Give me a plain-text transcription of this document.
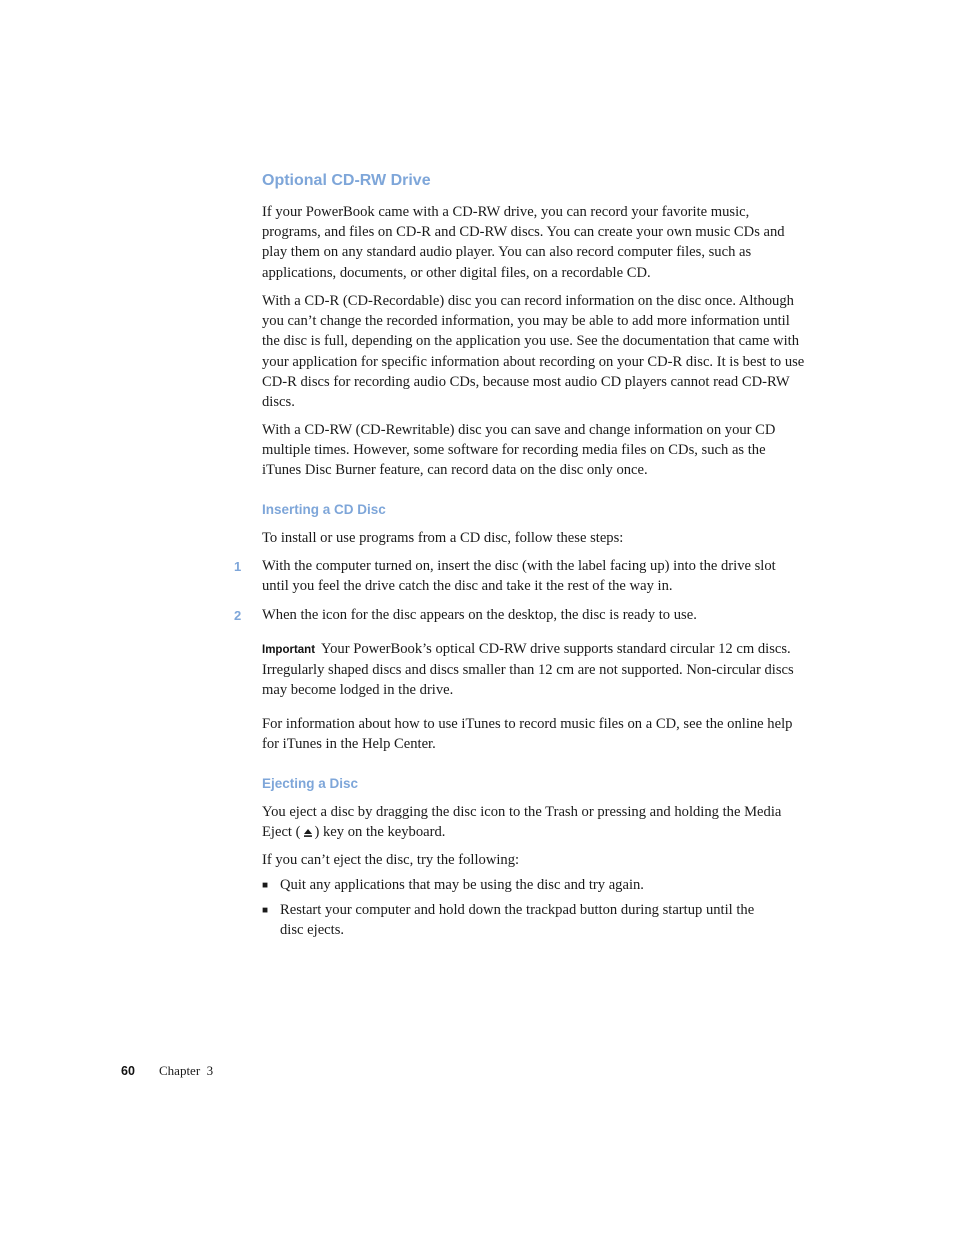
Optional CD-RW Drive
If your PowerBook came with a CD-RW drive, you can record your favorite music, programs, and files on CD-R and CD-RW discs. You can create your own music CDs and play them on any standard audio player. You can also record computer files, such as applications, documents, or other digital files, on a recordable CD.
With a CD-R (CD-Recordable) disc you can record information on the disc once. Although you can’t change the recorded information, you may be able to add more information until the disc is full, depending on the application you use. See the documentation that came with your application for specific information about recording on your CD-R disc. It is best to use CD-R discs for recording audio CDs, because most audio CD players cannot read CD-RW discs.
With a CD-RW (CD-Rewritable) disc you can save and change information on your CD multiple times. However, some software for recording media files on CDs, such as the iTunes Disc Burner feature, can record data on the disc only once.
Inserting a CD Disc
To install or use programs from a CD disc, follow these steps:
1 With the computer turned on, insert the disc (with the label facing up) into the drive slot until you feel the drive catch the disc and take it the rest of the way in.
2 When the icon for the disc appears on the desktop, the disc is ready to use.
Important Your PowerBook’s optical CD-RW drive supports standard circular 12 cm discs. Irregularly shaped discs and discs smaller than 12 cm are not supported. Non-circular discs may become lodged in the drive.
For information about how to use iTunes to record music files on a CD, see the online help for iTunes in the Help Center.
Ejecting a Disc
You eject a disc by dragging the disc icon to the Trash or pressing and holding the Media Eject ( ) key on the keyboard.
If you can’t eject the disc, try the following:
■ Quit any applications that may be using the disc and try again.
■ Restart your computer and hold down the trackpad button during startup until the disc ejects.
60 Chapter  3
